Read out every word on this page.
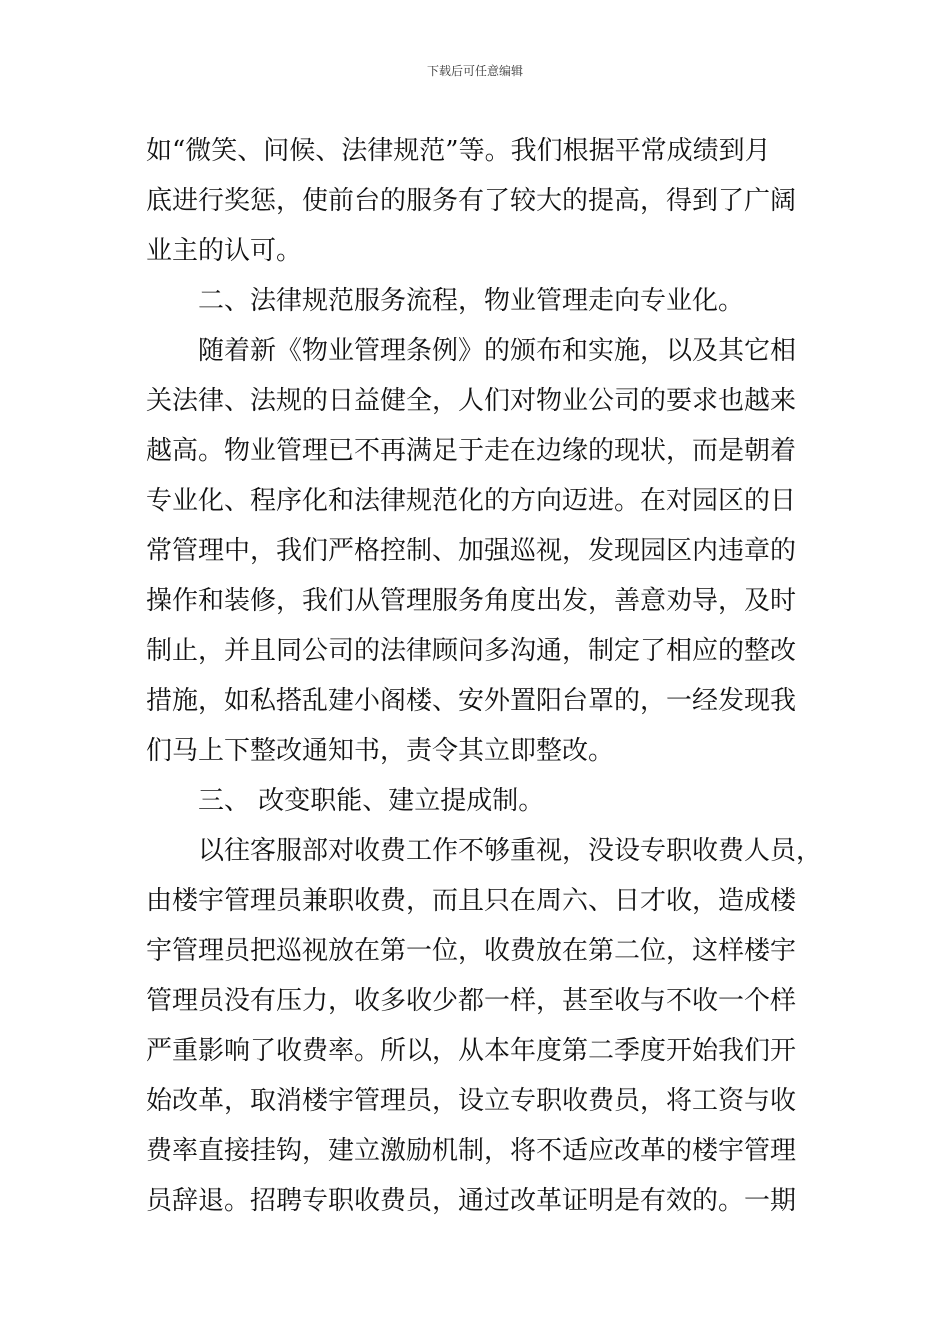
下载后可任意编辑
如“微笑、问候、法律规范”等。我们根据平常成绩到月
底进行奖惩，使前台的服务有了较大的提高，得到了广阔
业主的认可。
二、法律规范服务流程，物业管理走向专业化。
随着新《物业管理条例》的颁布和实施，以及其它相
关法律、法规的日益健全，人们对物业公司的要求也越来
越高。物业管理已不再满足于走在边缘的现状，而是朝着
专业化、程序化和法律规范化的方向迈进。在对园区的日
常管理中，我们严格控制、加强巡视，发现园区内违章的
操作和装修，我们从管理服务角度出发，善意劝导，及时
制止，并且同公司的法律顾问多沟通，制定了相应的整改
措施，如私搭乱建小阁楼、安外置阳台罩的，一经发现我
们马上下整改通知书，责令其立即整改。
三、 改变职能、建立提成制。
以往客服部对收费工作不够重视，没设专职收费人员，
由楼宇管理员兼职收费，而且只在周六、日才收，造成楼
宇管理员把巡视放在第一位，收费放在第二位，这样楼宇
管理员没有压力，收多收少都一样，甚至收与不收一个样
严重影响了收费率。所以，从本年度第二季度开始我们开
始改革，取消楼宇管理员，设立专职收费员，将工资与收
费率直接挂钩，建立激励机制，将不适应改革的楼宇管理
员辞退。招聘专职收费员，通过改革证明是有效的。一期
